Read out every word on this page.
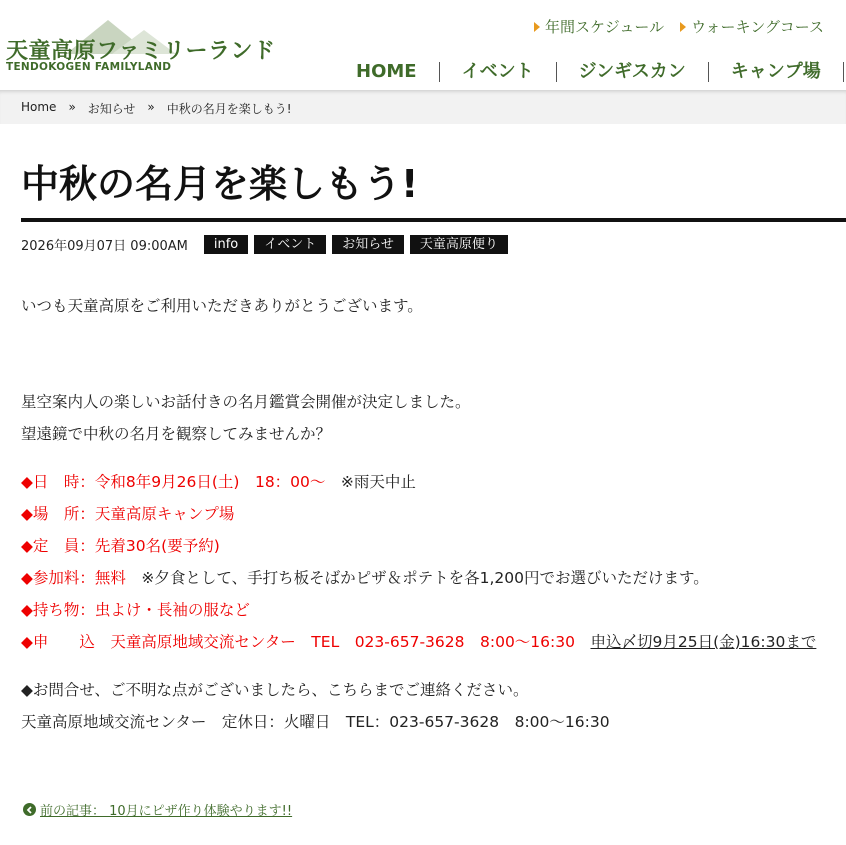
天童高原ファミリーランド
TENDOKOGEN FAMILYLAND
年間スケジュール ウォーキングコース
HOME	イベント	ジンギスカン	キャンプ場
Home » お知らせ » 中秋の名月を楽しもう!
中秋の名月を楽しもう!
2026年09月07日 09:00AM	info	イベント	お知らせ	天童高原便り
いつも天童高原をご利用いただきありがとうございます。
星空案内人の楽しいお話付きの名月鑑賞会開催が決定しました。
望遠鏡で中秋の名月を観察してみませんか？
◆日　時：令和8年9月26日(土)　18：00〜　※雨天中止
◆場　所：天童高原キャンプ場
◆定　員：先着30名(要予約)
◆参加料：無料　※夕食として、手打ち板そばかピザ＆ポテトを各1,200円でお選びいただけます。
◆持ち物：虫よけ・長袖の服など
◆申　　込　天童高原地域交流センター　TEL　023-657-3628　8:00〜16:30　 申込〆切9月25日(金)16:30まで
◆お問合せ、ご不明な点がございましたら、こちらまでご連絡ください。
天童高原地域交流センター　定休日：火曜日　TEL：023-657-3628　8:00〜16:30
前の記事： 10月にピザ作り体験やります!!
